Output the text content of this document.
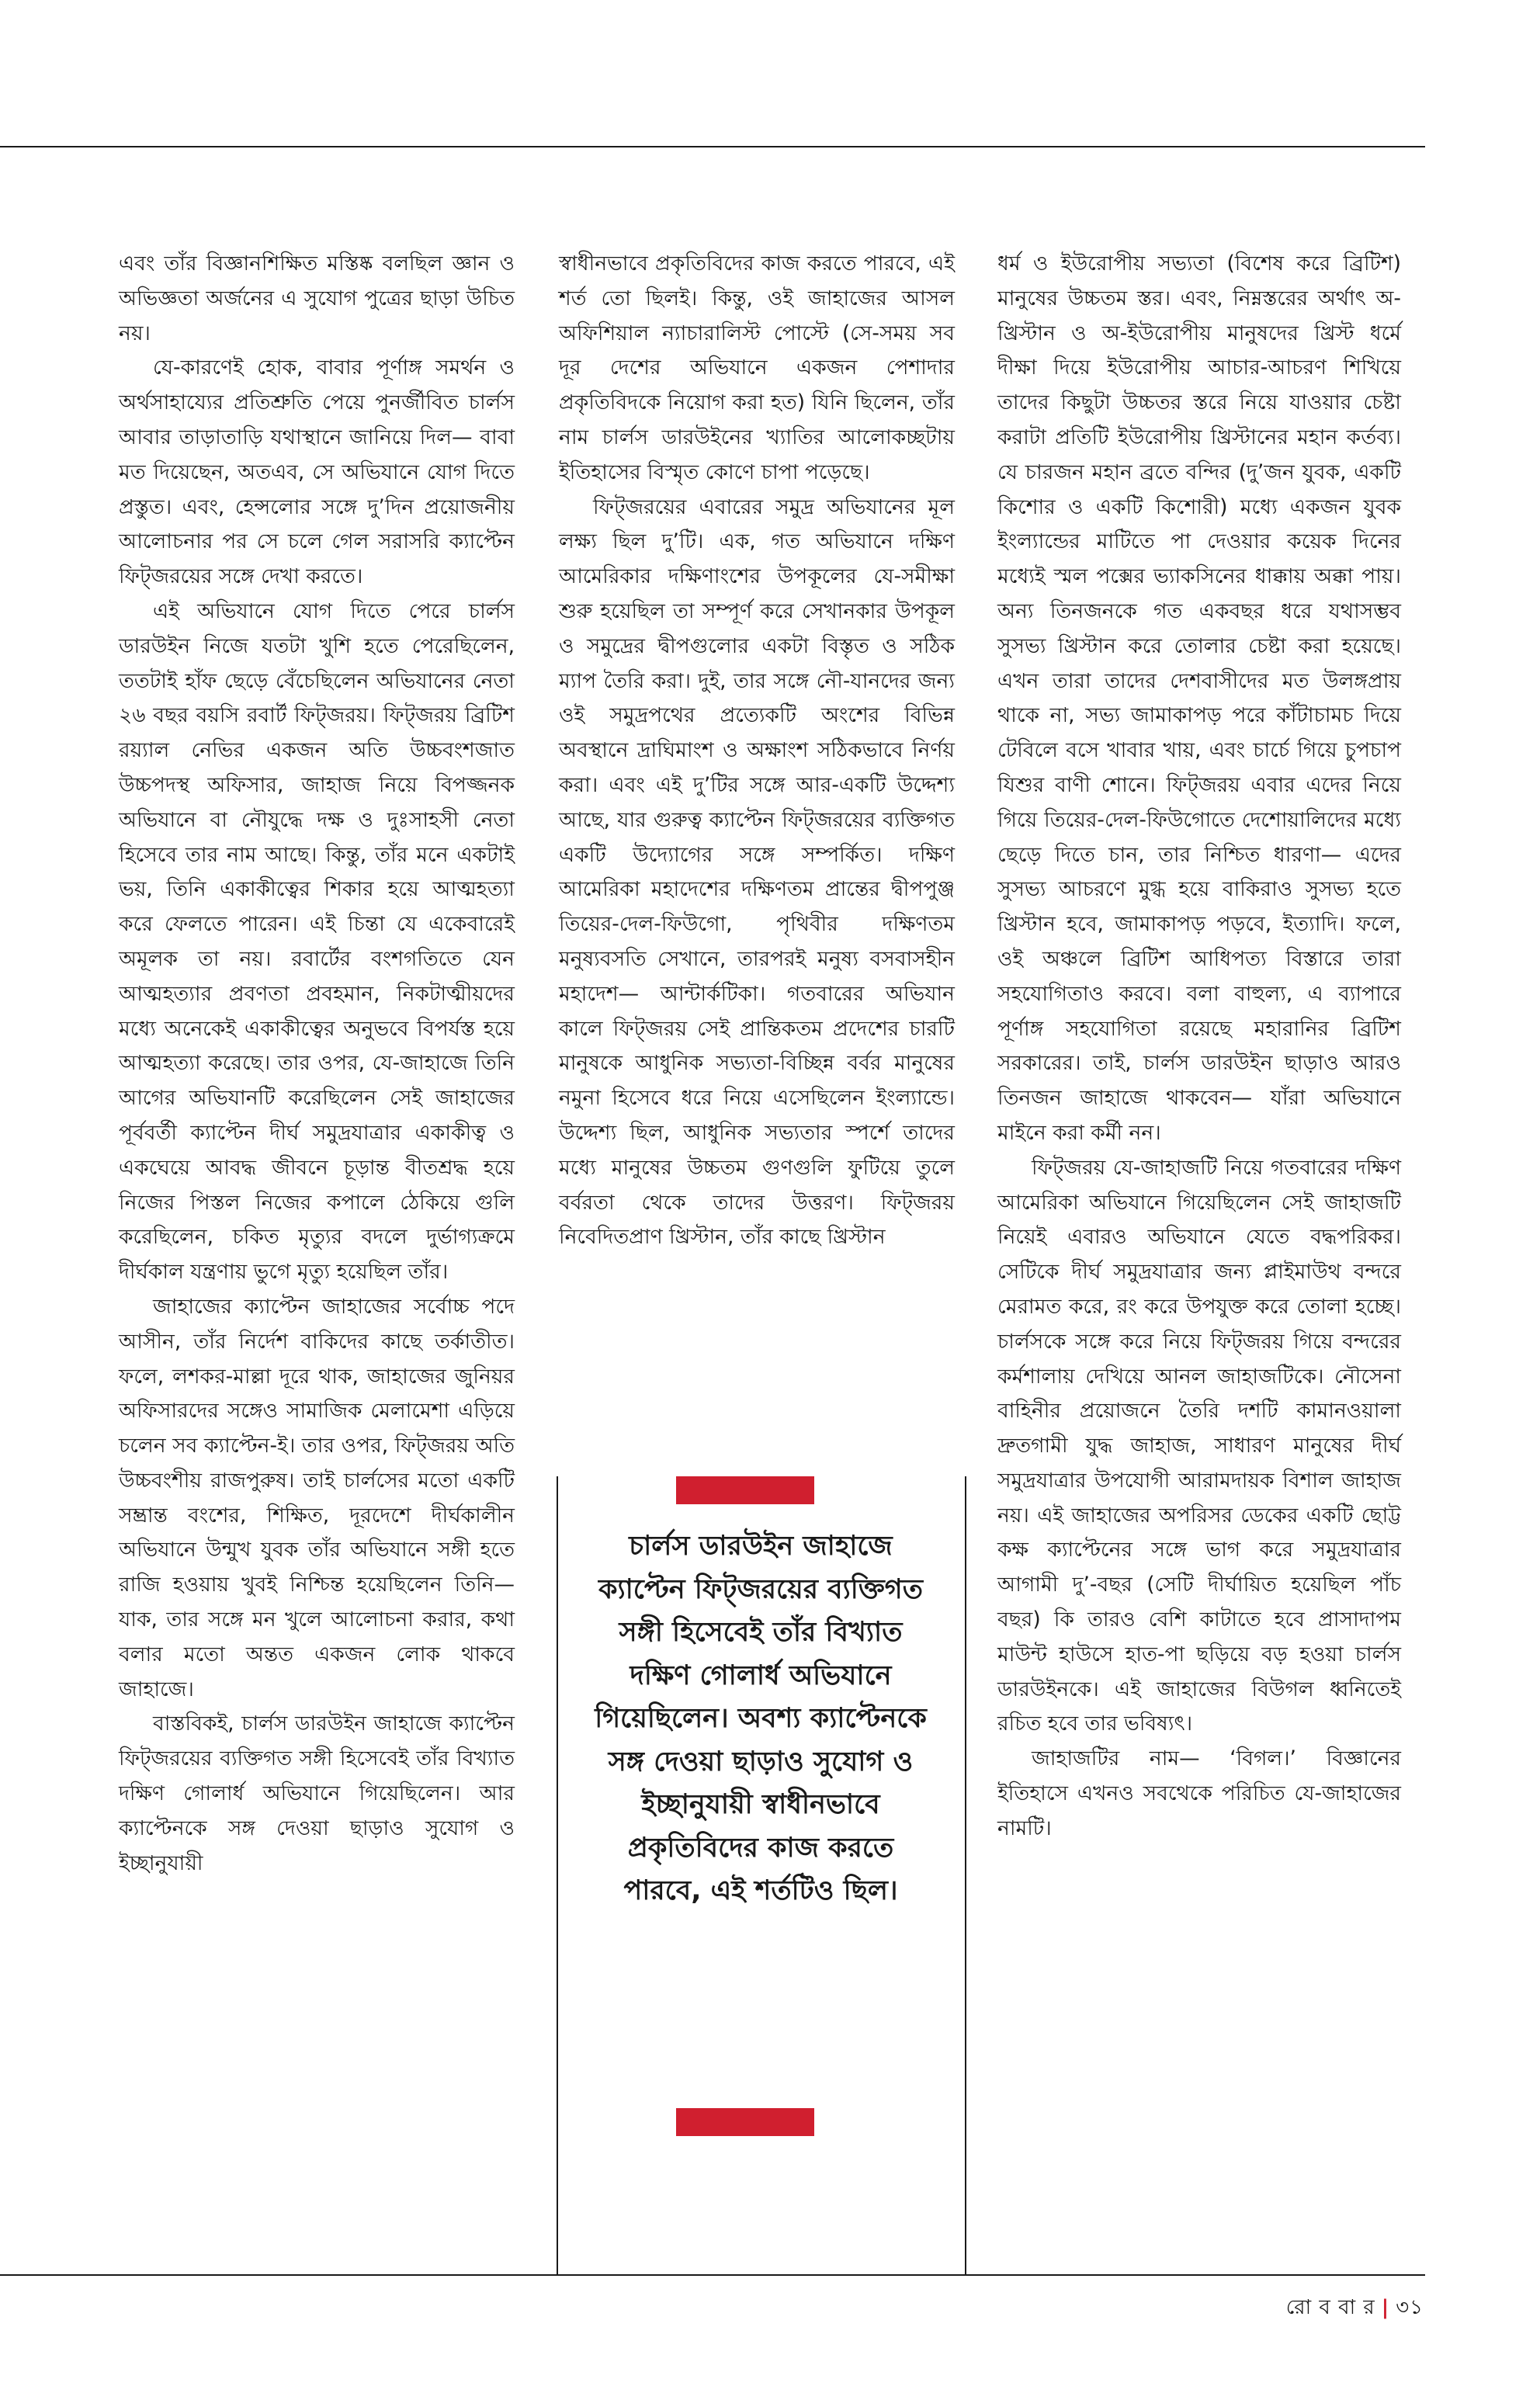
এবং তাঁর বিজ্ঞানশিক্ষিত মস্তিষ্ক বলছিল জ্ঞান ও অভিজ্ঞতা অর্জনের এ সুযোগ পুত্রের ছাড়া উচিত নয়।

যে-কারণেই হোক, বাবার পূর্ণাঙ্গ সমর্থন ও অর্থসাহায্যের প্রতিশ্রুতি পেয়ে পুনর্জীবিত চার্লস আবার তাড়াতাড়ি যথাস্থানে জানিয়ে দিল— বাবা মত দিয়েছেন, অতএব, সে অভিযানে যোগ দিতে প্রস্তুত। এবং, হেন্সলোর সঙ্গে দু’দিন প্রয়োজনীয় আলোচনার পর সে চলে গেল সরাসরি ক্যাপ্টেন ফিট্‌জরয়ের সঙ্গে দেখা করতে।

এই অভিযানে যোগ দিতে পেরে চার্লস ডারউইন নিজে যতটা খুশি হতে পেরেছিলেন, ততটাই হাঁফ ছেড়ে বেঁচেছিলেন অভিযানের নেতা ২৬ বছর বয়সি রবার্ট ফিট্‌জরয়। ফিট্‌জরয় ব্রিটিশ রয়্যাল নেভির একজন অতি উচ্চবংশজাত উচ্চপদস্থ অফিসার, জাহাজ নিয়ে বিপজ্জনক অভিযানে বা নৌযুদ্ধে দক্ষ ও দুঃসাহসী নেতা হিসেবে তার নাম আছে। কিন্তু, তাঁর মনে একটাই ভয়, তিনি একাকীত্বের শিকার হয়ে আত্মহত্যা করে ফেলতে পারেন। এই চিন্তা যে একেবারেই অমূলক তা নয়। রবার্টের বংশগতিতে যেন আত্মহত্যার প্রবণতা প্রবহমান, নিকটাত্মীয়দের মধ্যে অনেকেই একাকীত্বের অনুভবে বিপর্যস্ত হয়ে আত্মহত্যা করেছে। তার ওপর, যে-জাহাজে তিনি আগের অভিযানটি করেছিলেন সেই জাহাজের পূর্ববর্তী ক্যাপ্টেন দীর্ঘ সমুদ্রযাত্রার একাকীত্ব ও একঘেয়ে আবদ্ধ জীবনে চূড়ান্ত বীতশ্রদ্ধ হয়ে নিজের পিস্তল নিজের কপালে ঠেকিয়ে গুলি করেছিলেন, চকিত মৃত্যুর বদলে দুর্ভাগ্যক্রমে দীর্ঘকাল যন্ত্রণায় ভুগে মৃত্যু হয়েছিল তাঁর।

জাহাজের ক্যাপ্টেন জাহাজের সর্বোচ্চ পদে আসীন, তাঁর নির্দেশ বাকিদের কাছে তর্কাতীত। ফলে, লশকর-মাল্লা দূরে থাক, জাহাজের জুনিয়র অফিসারদের সঙ্গেও সামাজিক মেলামেশা এড়িয়ে চলেন সব ক্যাপ্টেন-ই। তার ওপর, ফিট্‌জরয় অতি উচ্চবংশীয় রাজপুরুষ। তাই চার্লসের মতো একটি সম্ভ্রান্ত বংশের, শিক্ষিত, দূরদেশে দীর্ঘকালীন অভিযানে উন্মুখ যুবক তাঁর অভিযানে সঙ্গী হতে রাজি হওয়ায় খুবই নিশ্চিন্ত হয়েছিলেন তিনি— যাক, তার সঙ্গে মন খুলে আলোচনা করার, কথা বলার মতো অন্তত একজন লোক থাকবে জাহাজে।

বাস্তবিকই, চার্লস ডারউইন জাহাজে ক্যাপ্টেন ফিট্‌জরয়ের ব্যক্তিগত সঙ্গী হিসেবেই তাঁর বিখ্যাত দক্ষিণ গোলার্ধ অভিযানে গিয়েছিলেন। আর ক্যাপ্টেনকে সঙ্গ দেওয়া ছাড়াও সুযোগ ও ইচ্ছানুযায়ী

স্বাধীনভাবে প্রকৃতিবিদের কাজ করতে পারবে, এই শর্ত তো ছিলই। কিন্তু, ওই জাহাজের আসল অফিশিয়াল ন্যাচারালিস্ট পোস্টে (সে-সময় সব দূর দেশের অভিযানে একজন পেশাদার প্রকৃতিবিদকে নিয়োগ করা হত) যিনি ছিলেন, তাঁর নাম চার্লস ডারউইনের খ্যাতির আলোকচ্ছটায় ইতিহাসের বিস্মৃত কোণে চাপা পড়েছে।

ফিট্‌জরয়ের এবারের সমুদ্র অভিযানের মূল লক্ষ্য ছিল দু’টি। এক, গত অভিযানে দক্ষিণ আমেরিকার দক্ষিণাংশের উপকূলের যে-সমীক্ষা শুরু হয়েছিল তা সম্পূর্ণ করে সেখানকার উপকূল ও সমুদ্রের দ্বীপগুলোর একটা বিস্তৃত ও সঠিক ম্যাপ তৈরি করা। দুই, তার সঙ্গে নৌ-যানদের জন্য ওই সমুদ্রপথের প্রত্যেকটি অংশের বিভিন্ন অবস্থানে দ্রাঘিমাংশ ও অক্ষাংশ সঠিকভাবে নির্ণয় করা। এবং এই দু’টির সঙ্গে আর-একটি উদ্দেশ্য আছে, যার গুরুত্ব ক্যাপ্টেন ফিট্‌জরয়ের ব্যক্তিগত একটি উদ্যোগের সঙ্গে সম্পর্কিত। দক্ষিণ আমেরিকা মহাদেশের দক্ষিণতম প্রান্তের দ্বীপপুঞ্জ তিয়ের-দেল-ফিউগো, পৃথিবীর দক্ষিণতম মনুষ্যবসতি সেখানে, তারপরই মনুষ্য বসবাসহীন মহাদেশ— আন্টার্কটিকা। গতবারের অভিযান কালে ফিট্‌জরয় সেই প্রান্তিকতম প্রদেশের চারটি মানুষকে আধুনিক সভ্যতা-বিচ্ছিন্ন বর্বর মানুষের নমুনা হিসেবে ধরে নিয়ে এসেছিলেন ইংল্যান্ডে। উদ্দেশ্য ছিল, আধুনিক সভ্যতার স্পর্শে তাদের মধ্যে মানুষের উচ্চতম গুণগুলি ফুটিয়ে তুলে বর্বরতা থেকে তাদের উত্তরণ। ফিট্‌জরয় নিবেদিতপ্রাণ খ্রিস্টান, তাঁর কাছে খ্রিস্টান

চার্লস ডারউইন জাহাজে ক্যাপ্টেন ফিট্‌জরয়ের ব্যক্তিগত সঙ্গী হিসেবেই তাঁর বিখ্যাত দক্ষিণ গোলার্ধ অভিযানে গিয়েছিলেন। অবশ্য ক্যাপ্টেনকে সঙ্গ দেওয়া ছাড়াও সুযোগ ও ইচ্ছানুযায়ী স্বাধীনভাবে প্রকৃতিবিদের কাজ করতে পারবে, এই শর্তটিও ছিল।

ধর্ম ও ইউরোপীয় সভ্যতা (বিশেষ করে ব্রিটিশ) মানুষের উচ্চতম স্তর। এবং, নিম্নস্তরের অর্থাৎ অ-খ্রিস্টান ও অ-ইউরোপীয় মানুষদের খ্রিস্ট ধর্মে দীক্ষা দিয়ে ইউরোপীয় আচার-আচরণ শিখিয়ে তাদের কিছুটা উচ্চতর স্তরে নিয়ে যাওয়ার চেষ্টা করাটা প্রতিটি ইউরোপীয় খ্রিস্টানের মহান কর্তব্য। যে চারজন মহান ব্রতে বন্দির (দু’জন যুবক, একটি কিশোর ও একটি কিশোরী) মধ্যে একজন যুবক ইংল্যান্ডের মাটিতে পা দেওয়ার কয়েক দিনের মধ্যেই স্মল পক্সের ভ্যাকসিনের ধাক্কায় অক্কা পায়। অন্য তিনজনকে গত একবছর ধরে যথাসম্ভব সুসভ্য খ্রিস্টান করে তোলার চেষ্টা করা হয়েছে। এখন তারা তাদের দেশবাসীদের মত উলঙ্গপ্রায় থাকে না, সভ্য জামাকাপড় পরে কাঁটাচামচ দিয়ে টেবিলে বসে খাবার খায়, এবং চার্চে গিয়ে চুপচাপ যিশুর বাণী শোনে। ফিট্‌জরয় এবার এদের নিয়ে গিয়ে তিয়ের-দেল-ফিউগোতে দেশোয়ালিদের মধ্যে ছেড়ে দিতে চান, তার নিশ্চিত ধারণা— এদের সুসভ্য আচরণে মুগ্ধ হয়ে বাকিরাও সুসভ্য হতে খ্রিস্টান হবে, জামাকাপড় পড়বে, ইত্যাদি। ফলে, ওই অঞ্চলে ব্রিটিশ আধিপত্য বিস্তারে তারা সহযোগিতাও করবে। বলা বাহুল্য, এ ব্যাপারে পূর্ণাঙ্গ সহযোগিতা রয়েছে মহারানির ব্রিটিশ সরকারের। তাই, চার্লস ডারউইন ছাড়াও আরও তিনজন জাহাজে থাকবেন— যাঁরা অভিযানে মাইনে করা কর্মী নন।

ফিট্‌জরয় যে-জাহাজটি নিয়ে গতবারের দক্ষিণ আমেরিকা অভিযানে গিয়েছিলেন সেই জাহাজটি নিয়েই এবারও অভিযানে যেতে বদ্ধপরিকর। সেটিকে দীর্ঘ সমুদ্রযাত্রার জন্য প্লাইমাউথ বন্দরে মেরামত করে, রং করে উপযুক্ত করে তোলা হচ্ছে। চার্লসকে সঙ্গে করে নিয়ে ফিট্‌জরয় গিয়ে বন্দরের কর্মশালায় দেখিয়ে আনল জাহাজটিকে। নৌসেনা বাহিনীর প্রয়োজনে তৈরি দশটি কামানওয়ালা দ্রুতগামী যুদ্ধ জাহাজ, সাধারণ মানুষের দীর্ঘ সমুদ্রযাত্রার উপযোগী আরামদায়ক বিশাল জাহাজ নয়। এই জাহাজের অপরিসর ডেকের একটি ছোট্ট কক্ষ ক্যাপ্টেনের সঙ্গে ভাগ করে সমুদ্রযাত্রার আগামী দু’-বছর (সেটি দীর্ঘায়িত হয়েছিল পাঁচ বছর) কি তারও বেশি কাটাতে হবে প্রাসাদাপম মাউন্ট হাউসে হাত-পা ছড়িয়ে বড় হওয়া চার্লস ডারউইনকে। এই জাহাজের বিউগল ধ্বনিতেই রচিত হবে তার ভবিষ্যৎ।

জাহাজটির নাম— ‘বিগল।’ বিজ্ঞানের ইতিহাসে এখনও সবথেকে পরিচিত যে-জাহাজের নামটি।

রো ব বা র | ৩১
